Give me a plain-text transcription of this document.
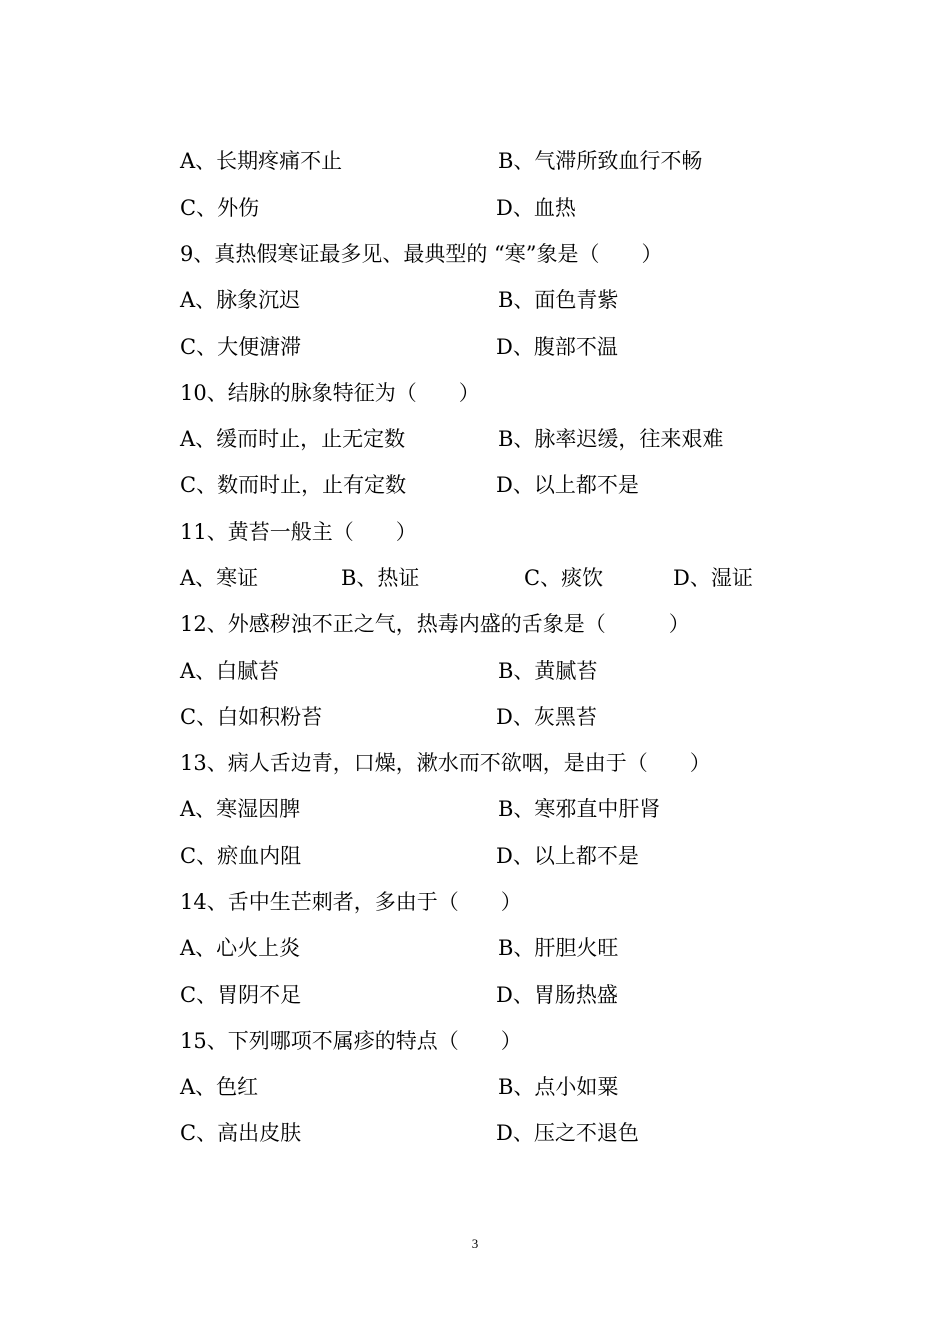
A、长期疼痛不止	B、气滞所致血行不畅
C、外伤	D、血热
9、真热假寒证最多见、最典型的 “寒”象是（　　）
A、脉象沉迟	B、面色青紫
C、大便溏滞	D、腹部不温
10、结脉的脉象特征为（　　）
A、缓而时止，止无定数	B、脉率迟缓，往来艰难
C、数而时止，止有定数	D、以上都不是
11、黄苔一般主（　　）
A、寒证	B、热证	C、痰饮	D、湿证
12、外感秽浊不正之气，热毒内盛的舌象是（　　　）
A、白腻苔	B、黄腻苔
C、白如积粉苔	D、灰黑苔
13、病人舌边青，口燥，漱水而不欲咽，是由于（　　）
A、寒湿因脾	B、寒邪直中肝肾
C、瘀血内阻	D、以上都不是
14、舌中生芒刺者，多由于（　　）
A、心火上炎	B、肝胆火旺
C、胃阴不足	D、胃肠热盛
15、下列哪项不属疹的特点（　　）
A、色红	B、点小如粟
C、高出皮肤	D、压之不退色
3
